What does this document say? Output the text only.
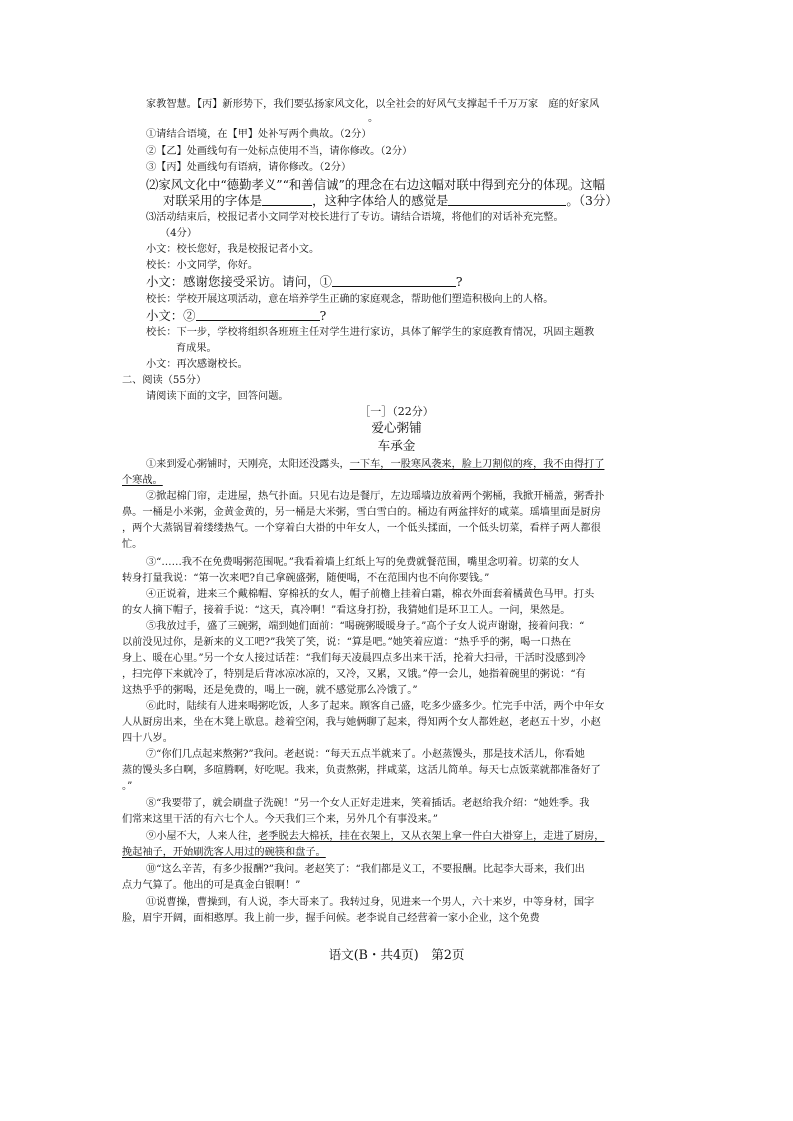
家教智慧。【丙】新形势下，我们要弘扬家风文化，以全社会的好风气支撑起千千万万家　庭的好家风
。
①请结合语境，在【甲】处补写两个典故。（2分）
②【乙】处画线句有一处标点使用不当，请你修改。（2分）
③【丙】处画线句有语病，请你修改。（2分）
⑵家风文化中“德勤孝义”“和善信诚”的理念在右边这幅对联中得到充分的体现。这幅
对联采用的字体是	，这种字体给人的感觉是	。（3分）
⑶活动结束后，校报记者小文同学对校长进行了专访。请结合语境，将他们的对话补充完整。
（4分）
小文：校长您好，我是校报记者小文。
校长：小文同学，你好。
小文：感谢您接受采访。请问，①	?
校长：学校开展这项活动，意在培养学生正确的家庭观念，帮助他们塑造积极向上的人格。
小文：②	?
校长：下一步，学校将组织各班班主任对学生进行家访，具体了解学生的家庭教育情况，巩固主题教
育成果。
小文：再次感谢校长。
二、阅读（55分）
请阅读下面的文字，回答问题。
［一］（22分）
爱心粥铺
车承金
①来到爱心粥铺时，天刚亮，太阳还没露头，一下车，一股寒风袭来，脸上刀割似的疼，我不由得打了
个寒战。
②掀起棉门帘，走进屋，热气扑面。只见右边是餐厅，左边瑶墙边放着两个粥桶，我掀开桶盖，粥香扑
鼻。一桶是小米粥，金黄金黄的，另一桶是大米粥，雪白雪白的。桶边有两盆拌好的咸菜。瑶墙里面是厨房
，两个大蒸锅冒着缕缕热气。一个穿着白大褂的中年女人，一个低头揉面，一个低头切菜，看样子两人都很
忙。
③“……我不在免费喝粥范围呢。”我看着墙上红纸上写的免费就餐范围，嘴里念叨着。切菜的女人
转身打量我说：“第一次来吧?自己拿碗盛粥，随便喝，不在范围内也不向你要钱。”
④正说着，进来三个戴棉帽、穿棉袄的女人，帽子前檐上挂着白霜，棉衣外面套着橘黄色马甲。打头
的女人摘下帽子，接着手说：“这天，真冷啊！”看这身打扮，我猜她们是环卫工人。一问，果然是。
⑤我放过手，盛了三碗粥，端到她们面前：“喝碗粥暖暖身子。”高个子女人说声谢谢，接着问我：“
以前没见过你，是新来的义工吧?”我笑了笑，说：“算是吧。”她笑着应道：“热乎乎的粥，喝一口热在
身上、暖在心里。”另一个女人接过话茬：“我们每天凌晨四点多出来干活，抡着大扫帚，干活时没感到冷
，扫完停下来就冷了，特别是后背冰凉冰凉的，又冷，又累，又饿。”停一会儿，她指着碗里的粥说：“有
这热乎乎的粥喝，还是免费的，喝上一碗，就不感觉那么冷饿了。”
⑥此时，陆续有人进来喝粥吃饭，人多了起来。顾客自己盛，吃多少盛多少。忙完手中活，两个中年女
人从厨房出来，坐在木凳上歇息。趁着空闲，我与她俩聊了起来，得知两个女人都姓赵，老赵五十岁，小赵
四十八岁。
⑦“你们几点起来熬粥?”我问。老赵说：“每天五点半就来了。小赵蒸馒头，那是技术活儿，你看她
蒸的馒头多白啊，多暄腾啊，好吃呢。我来，负责熬粥，拌咸菜，这活儿简单。每天七点饭菜就都准备好了
。”
⑧“我要带了，就会刷盘子洗碗！”另一个女人正好走进来，笑着插话。老赵给我介绍：“她姓季。我
们常来这里干活的有六七个人。今天我们三个来，另外几个有事没来。”
⑨小屋不大，人来人往，老季脱去大棉袄，挂在衣架上，又从衣架上拿一件白大褂穿上，走进了厨房，
挽起袖子，开始刷洗客人用过的碗筷和盘子。
⑩“这么辛苦，有多少报酬?”我问。老赵笑了：“我们都是义工，不要报酬。比起李大哥来，我们出
点力气算了。他出的可是真金白银啊！”
⑪说曹操，曹操到，有人说，李大哥来了。我转过身，见进来一个男人，六十来岁，中等身材，国字
脸，眉宇开阔，面相憨厚。我上前一步，握手问候。老李说自己经营着一家小企业，这个免费
语文(B・共4页)　第2页
